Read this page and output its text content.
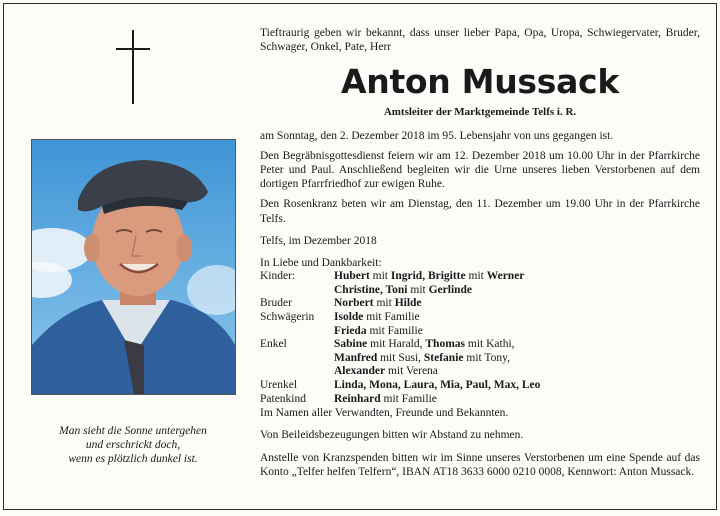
Man sieht die Sonne untergehen
und erschrickt doch,
wenn es plötzlich dunkel ist.

Tieftraurig geben wir bekannt, dass unser lieber Papa, Opa, Uropa, Schwiegervater, Bruder, Schwager, Onkel, Pate, Herr

Anton Mussack
Amtsleiter der Marktgemeinde Telfs i. R.

am Sonntag, den 2. Dezember 2018 im 95. Lebensjahr von uns gegangen ist.

Den Begräbnisgottesdienst feiern wir am 12. Dezember 2018 um 10.00 Uhr in der Pfarrkirche Peter und Paul. Anschließend begleiten wir die Urne unseres lieben Verstorbenen auf dem dortigen Pfarrfriedhof zur ewigen Ruhe.

Den Rosenkranz beten wir am Dienstag, den 11. Dezember um 19.00 Uhr in der Pfarrkirche Telfs.

Telfs, im Dezember 2018

In Liebe und Dankbarkeit:

Kinder:	Hubert mit Ingrid, Brigitte mit Werner
	Christine, Toni mit Gerlinde
Bruder	Norbert mit Hilde
Schwägerin	Isolde mit Familie
	Frieda mit Familie
Enkel	Sabine mit Harald, Thomas mit Kathi,
	Manfred mit Susi, Stefanie mit Tony,
	Alexander mit Verena
Urenkel	Linda, Mona, Laura, Mia, Paul, Max, Leo
Patenkind	Reinhard mit Familie

Im Namen aller Verwandten, Freunde und Bekannten.

Von Beileidsbezeugungen bitten wir Abstand zu nehmen.

Anstelle von Kranzspenden bitten wir im Sinne unseres Verstorbenen um eine Spende auf das Konto „Telfer helfen Telfern“, IBAN AT18 3633 6000 0210 0008, Kennwort: Anton Mussack.
